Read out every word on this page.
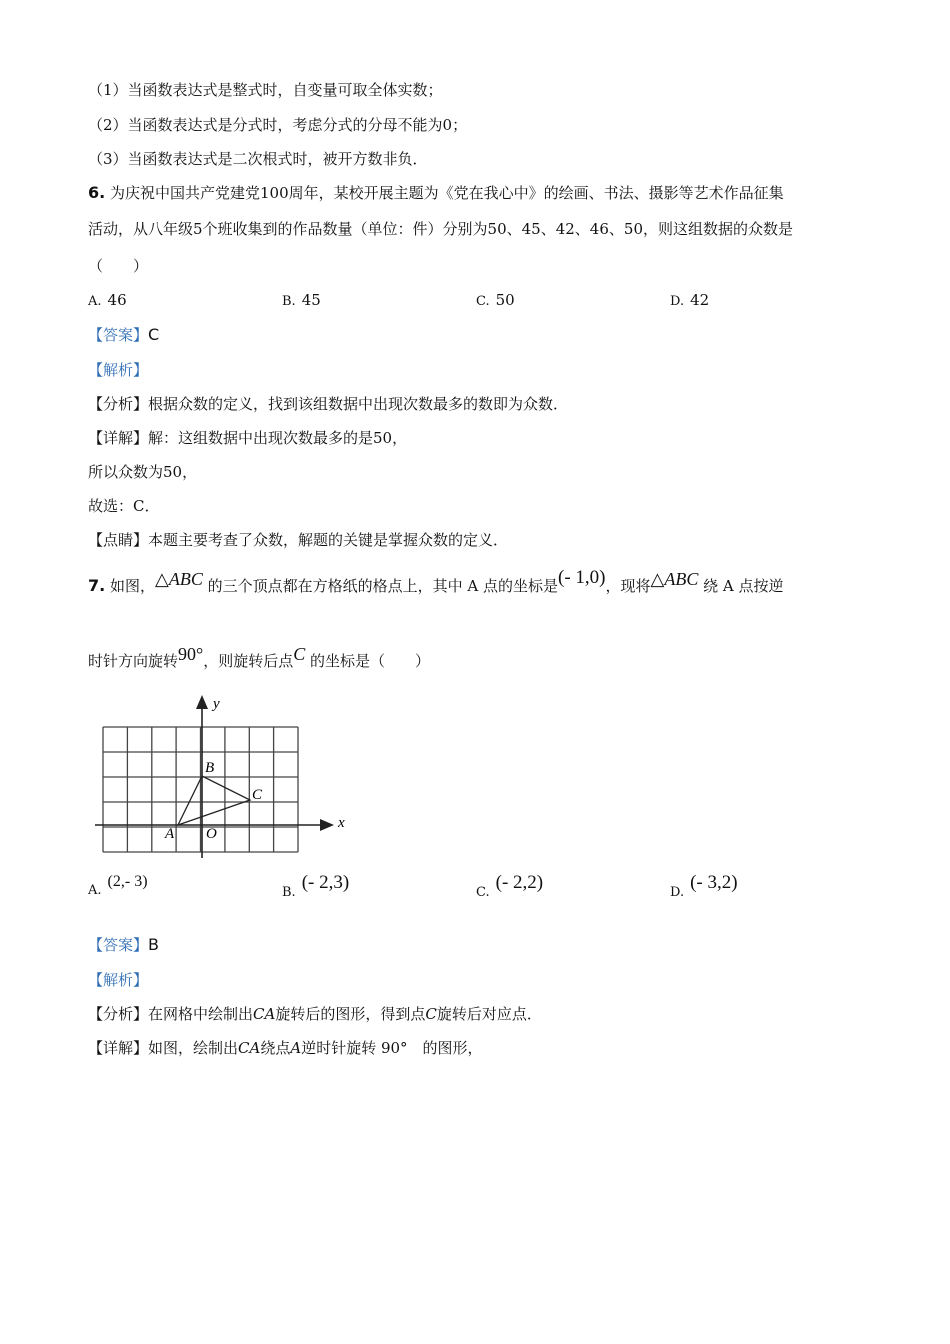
（1）当函数表达式是整式时，自变量可取全体实数；
（2）当函数表达式是分式时，考虑分式的分母不能为0；
（3）当函数表达式是二次根式时，被开方数非负．
6. 为庆祝中国共产党建党100周年，某校开展主题为《党在我心中》的绘画、书法、摄影等艺术作品征集
活动，从八年级5个班收集到的作品数量（单位：件）分别为50、45、42、46、50，则这组数据的众数是
（　　）
A. 46	B. 45	C. 50	D. 42
【答案】C
【解析】
【分析】根据众数的定义，找到该组数据中出现次数最多的数即为众数．
【详解】解：这组数据中出现次数最多的是50，
所以众数为50，
故选：C．
【点睛】本题主要考查了众数，解题的关键是掌握众数的定义．
7. 如图，△ABC 的三个顶点都在方格纸的格点上，其中 A 点的坐标是(- 1,0)，现将△ABC 绕 A 点按逆
时针方向旋转90°，则旋转后点C 的坐标是（　　）
y
x
B
C
A O
A.(2,- 3)
B. (- 2,3)	C. (- 2,2)	D. (- 3,2)
【答案】B
【解析】
【分析】在网格中绘制出CA旋转后的图形，得到点C旋转后对应点．
【详解】如图，绘制出CA绕点A逆时针旋转 90°　的图形，
